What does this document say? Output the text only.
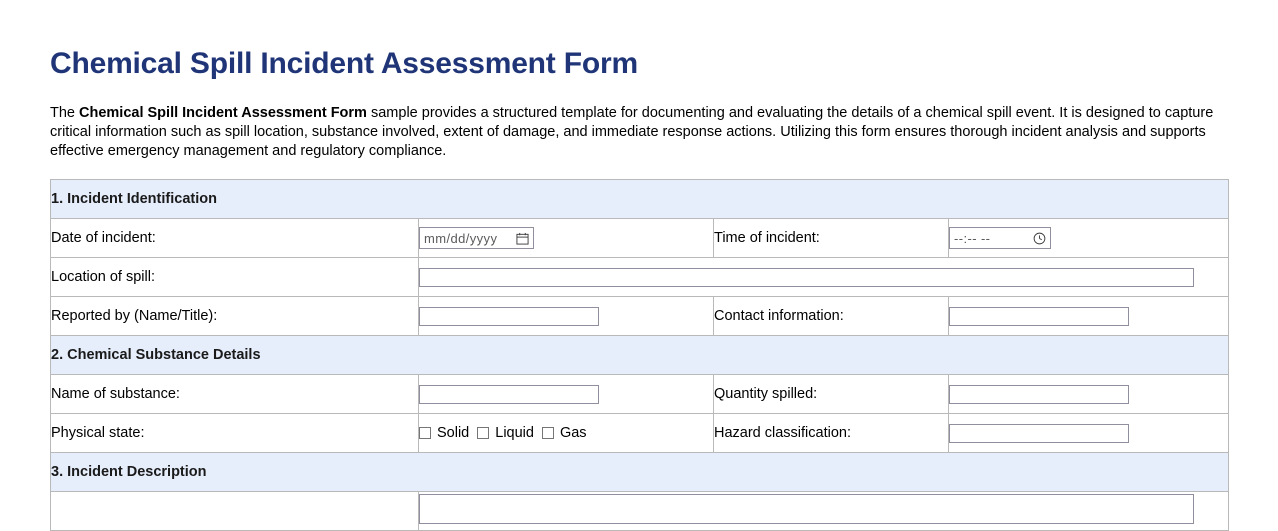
Chemical Spill Incident Assessment Form

The Chemical Spill Incident Assessment Form sample provides a structured template for documenting and evaluating the details of a chemical spill event. It is designed to capture critical information such as spill location, substance involved, extent of damage, and immediate response actions. Utilizing this form ensures thorough incident analysis and supports effective emergency management and regulatory compliance.

1. Incident Identification			
Date of incident:	mm/dd/yyyy	Time of incident:	--:-- --

Location of spill:	
Reported by (Name/Title):		Contact information:	
2. Chemical Substance Details			
Name of substance:		Quantity spilled:	
Physical state:	Solid Liquid Gas	Hazard classification:	
3. Incident Description			
